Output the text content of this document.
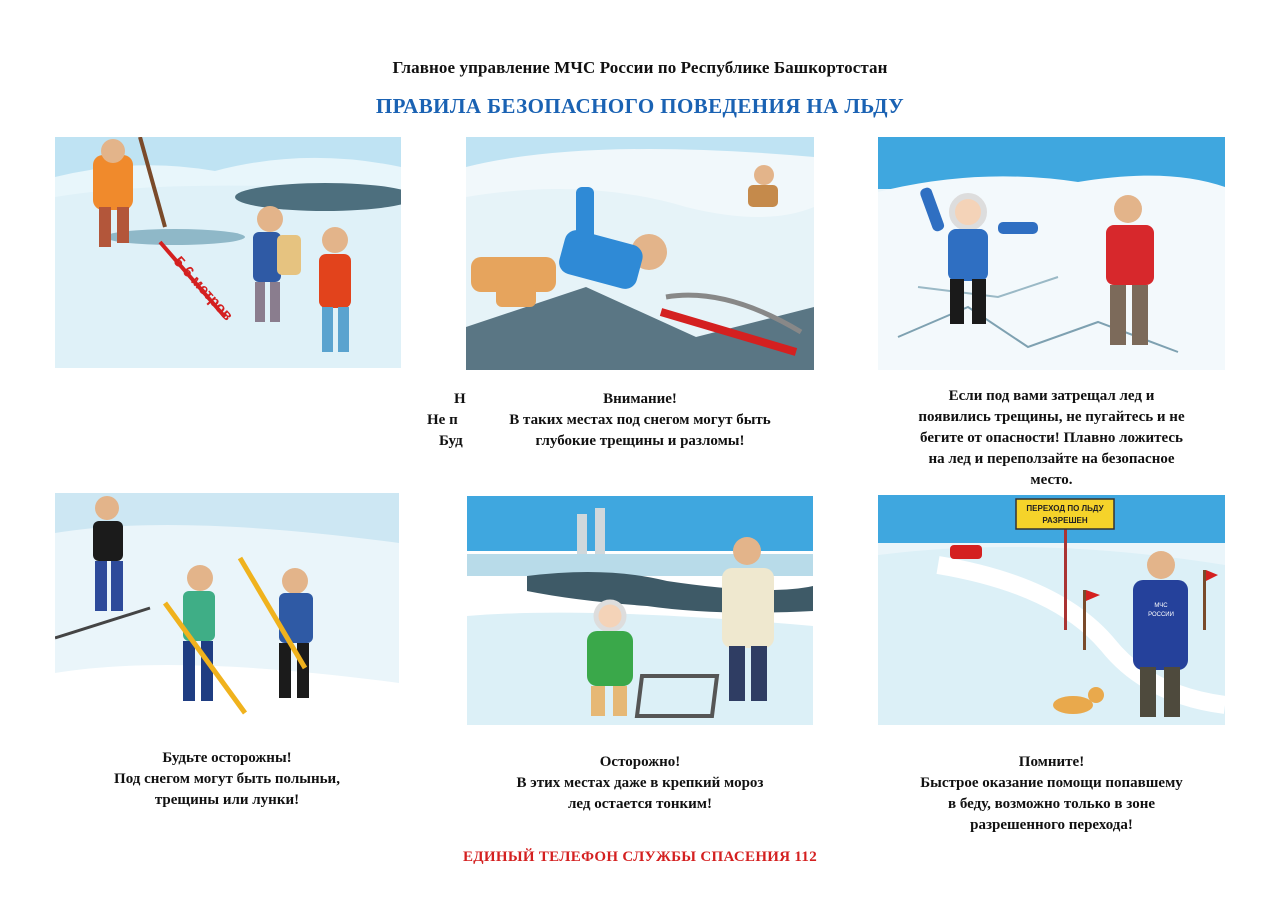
Главное управление МЧС России по Республике Башкортостан
ПРАВИЛА БЕЗОПАСНОГО ПОВЕДЕНИЯ НА ЛЬДУ
5-6 метров
Н
Не п
Буд
Внимание!
В таких местах под снегом могут быть
глубокие трещины и разломы!
Если под вами затрещал лед и
появились трещины, не пугайтесь и не
бегите от опасности! Плавно ложитесь
на лед и переползайте на безопасное
место.
Будьте осторожны!
Под снегом могут быть полыньи,
трещины или лунки!
Осторожно!
В этих местах даже в крепкий мороз
лед остается тонким!
ПЕРЕХОД ПО ЛЬДУ
РАЗРЕШЕН
МЧС
РОССИИ
Помните!
Быстрое оказание помощи попавшему
в беду, возможно только в зоне
разрешенного перехода!
ЕДИНЫЙ ТЕЛЕФОН СЛУЖБЫ СПАСЕНИЯ 112
